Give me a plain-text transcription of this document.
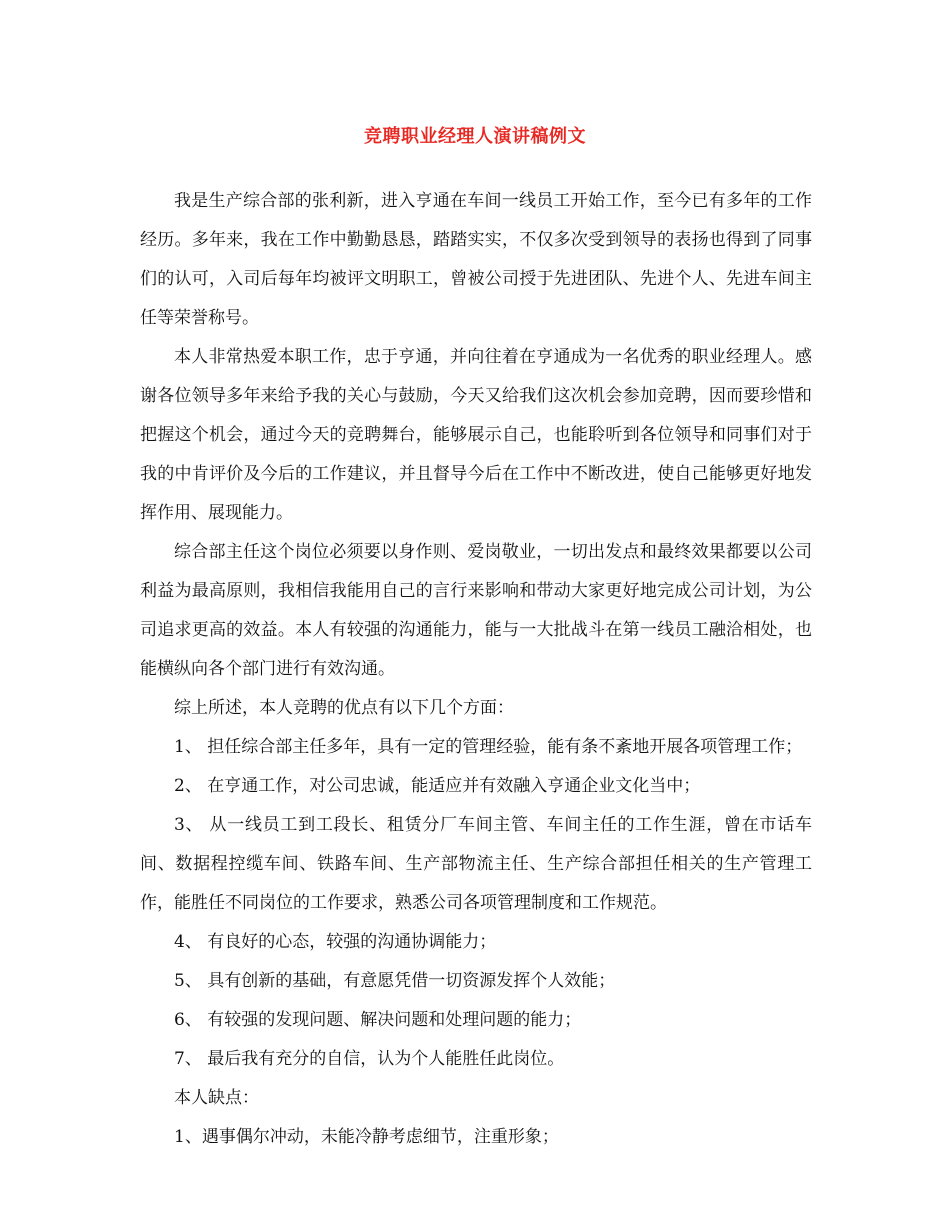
竞聘职业经理人演讲稿例文

我是生产综合部的张利新，进入亨通在车间一线员工开始工作，至今已有多年的工作经历。多年来，我在工作中勤勤恳恳，踏踏实实，不仅多次受到领导的表扬也得到了同事们的认可，入司后每年均被评文明职工，曾被公司授于先进团队、先进个人、先进车间主任等荣誉称号。

本人非常热爱本职工作，忠于亨通，并向往着在亨通成为一名优秀的职业经理人。感谢各位领导多年来给予我的关心与鼓励，今天又给我们这次机会参加竞聘，因而要珍惜和把握这个机会，通过今天的竞聘舞台，能够展示自己，也能聆听到各位领导和同事们对于我的中肯评价及今后的工作建议，并且督导今后在工作中不断改进，使自己能够更好地发挥作用、展现能力。

综合部主任这个岗位必须要以身作则、爱岗敬业，一切出发点和最终效果都要以公司利益为最高原则，我相信我能用自己的言行来影响和带动大家更好地完成公司计划，为公司追求更高的效益。本人有较强的沟通能力，能与一大批战斗在第一线员工融洽相处，也能横纵向各个部门进行有效沟通。

综上所述，本人竞聘的优点有以下几个方面：

1、 担任综合部主任多年，具有一定的管理经验，能有条不紊地开展各项管理工作；

2、 在亨通工作，对公司忠诚，能适应并有效融入亨通企业文化当中；

3、 从一线员工到工段长、租赁分厂车间主管、车间主任的工作生涯，曾在市话车间、数据程控缆车间、铁路车间、生产部物流主任、生产综合部担任相关的生产管理工作，能胜任不同岗位的工作要求，熟悉公司各项管理制度和工作规范。

4、 有良好的心态，较强的沟通协调能力；

5、 具有创新的基础，有意愿凭借一切资源发挥个人效能；

6、 有较强的发现问题、解决问题和处理问题的能力；

7、 最后我有充分的自信，认为个人能胜任此岗位。

本人缺点：

1、遇事偶尔冲动，未能冷静考虑细节，注重形象；
